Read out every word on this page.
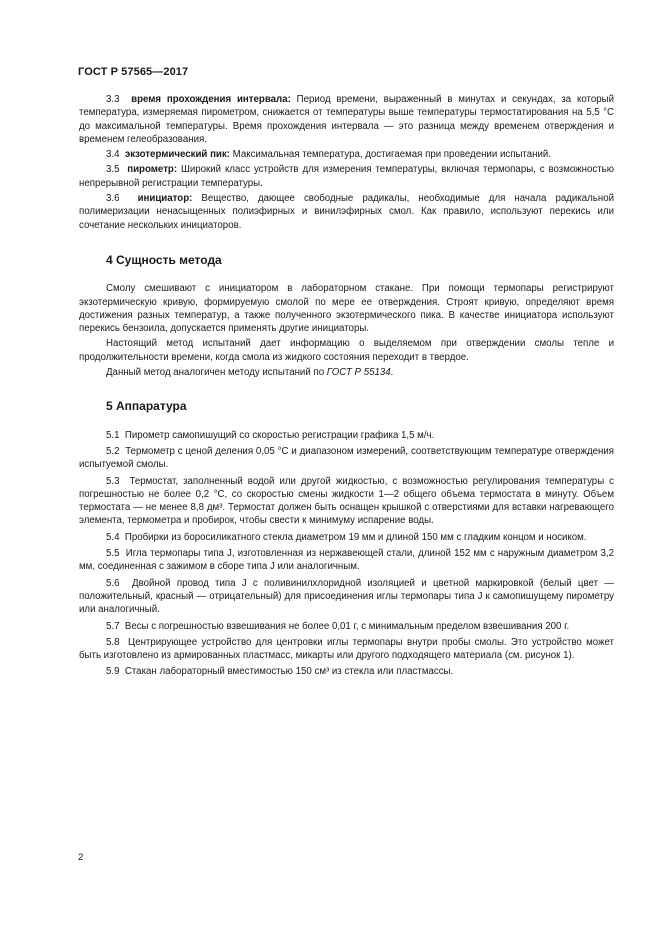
ГОСТ Р 57565—2017

3.3 время прохождения интервала: Период времени, выраженный в минутах и секундах, за который температура, измеряемая пирометром, снижается от температуры выше температуры термостатирования на 5,5 °С до максимальной температуры. Время прохождения интервала — это разница между временем отверждения и временем гелеобразования.

3.4 экзотермический пик: Максимальная температура, достигаемая при проведении испытаний.

3.5 пирометр: Широкий класс устройств для измерения температуры, включая термопары, с возможностью непрерывной регистрации температуры.

3.6 инициатор: Вещество, дающее свободные радикалы, необходимые для начала радикальной полимеризации ненасыщенных полиэфирных и винилэфирных смол. Как правило, используют перекись или сочетание нескольких инициаторов.

4 Сущность метода

Смолу смешивают с инициатором в лабораторном стакане. При помощи термопары регистрируют экзотермическую кривую, формируемую смолой по мере ее отверждения. Строят кривую, определяют время достижения разных температур, а также полученного экзотермического пика. В качестве инициатора используют перекись бензоила, допускается применять другие инициаторы.

Настоящий метод испытаний дает информацию о выделяемом при отверждении смолы тепле и продолжительности времени, когда смола из жидкого состояния переходит в твердое.

Данный метод аналогичен методу испытаний по ГОСТ Р 55134.

5 Аппаратура

5.1 Пирометр самопишущий со скоростью регистрации графика 1,5 м/ч.

5.2 Термометр с ценой деления 0,05 °С и диапазоном измерений, соответствующим температуре отверждения испытуемой смолы.

5.3 Термостат, заполненный водой или другой жидкостью, с возможностью регулирования температуры с погрешностью не более 0,2 °С, со скоростью смены жидкости 1—2 общего объема термостата в минуту. Объем термостата — не менее 8,8 дм³. Термостат должен быть оснащен крышкой с отверстиями для вставки нагревающего элемента, термометра и пробирок, чтобы свести к минимуму испарение воды.

5.4 Пробирки из боросиликатного стекла диаметром 19 мм и длиной 150 мм с гладким концом и носиком.

5.5 Игла термопары типа J, изготовленная из нержавеющей стали, длиной 152 мм с наружным диаметром 3,2 мм, соединенная с зажимом в сборе типа J или аналогичным.

5.6 Двойной провод типа J с поливинилхлоридной изоляцией и цветной маркировкой (белый цвет — положительный, красный — отрицательный) для присоединения иглы термопары типа J к самопишущему пирометру или аналогичный.

5.7 Весы с погрешностью взвешивания не более 0,01 г, с минимальным пределом взвешивания 200 г.

5.8 Центрирующее устройство для центровки иглы термопары внутри пробы смолы. Это устройство может быть изготовлено из армированных пластмасс, микарты или другого подходящего материала (см. рисунок 1).

5.9 Стакан лабораторный вместимостью 150 см³ из стекла или пластмассы.

2
